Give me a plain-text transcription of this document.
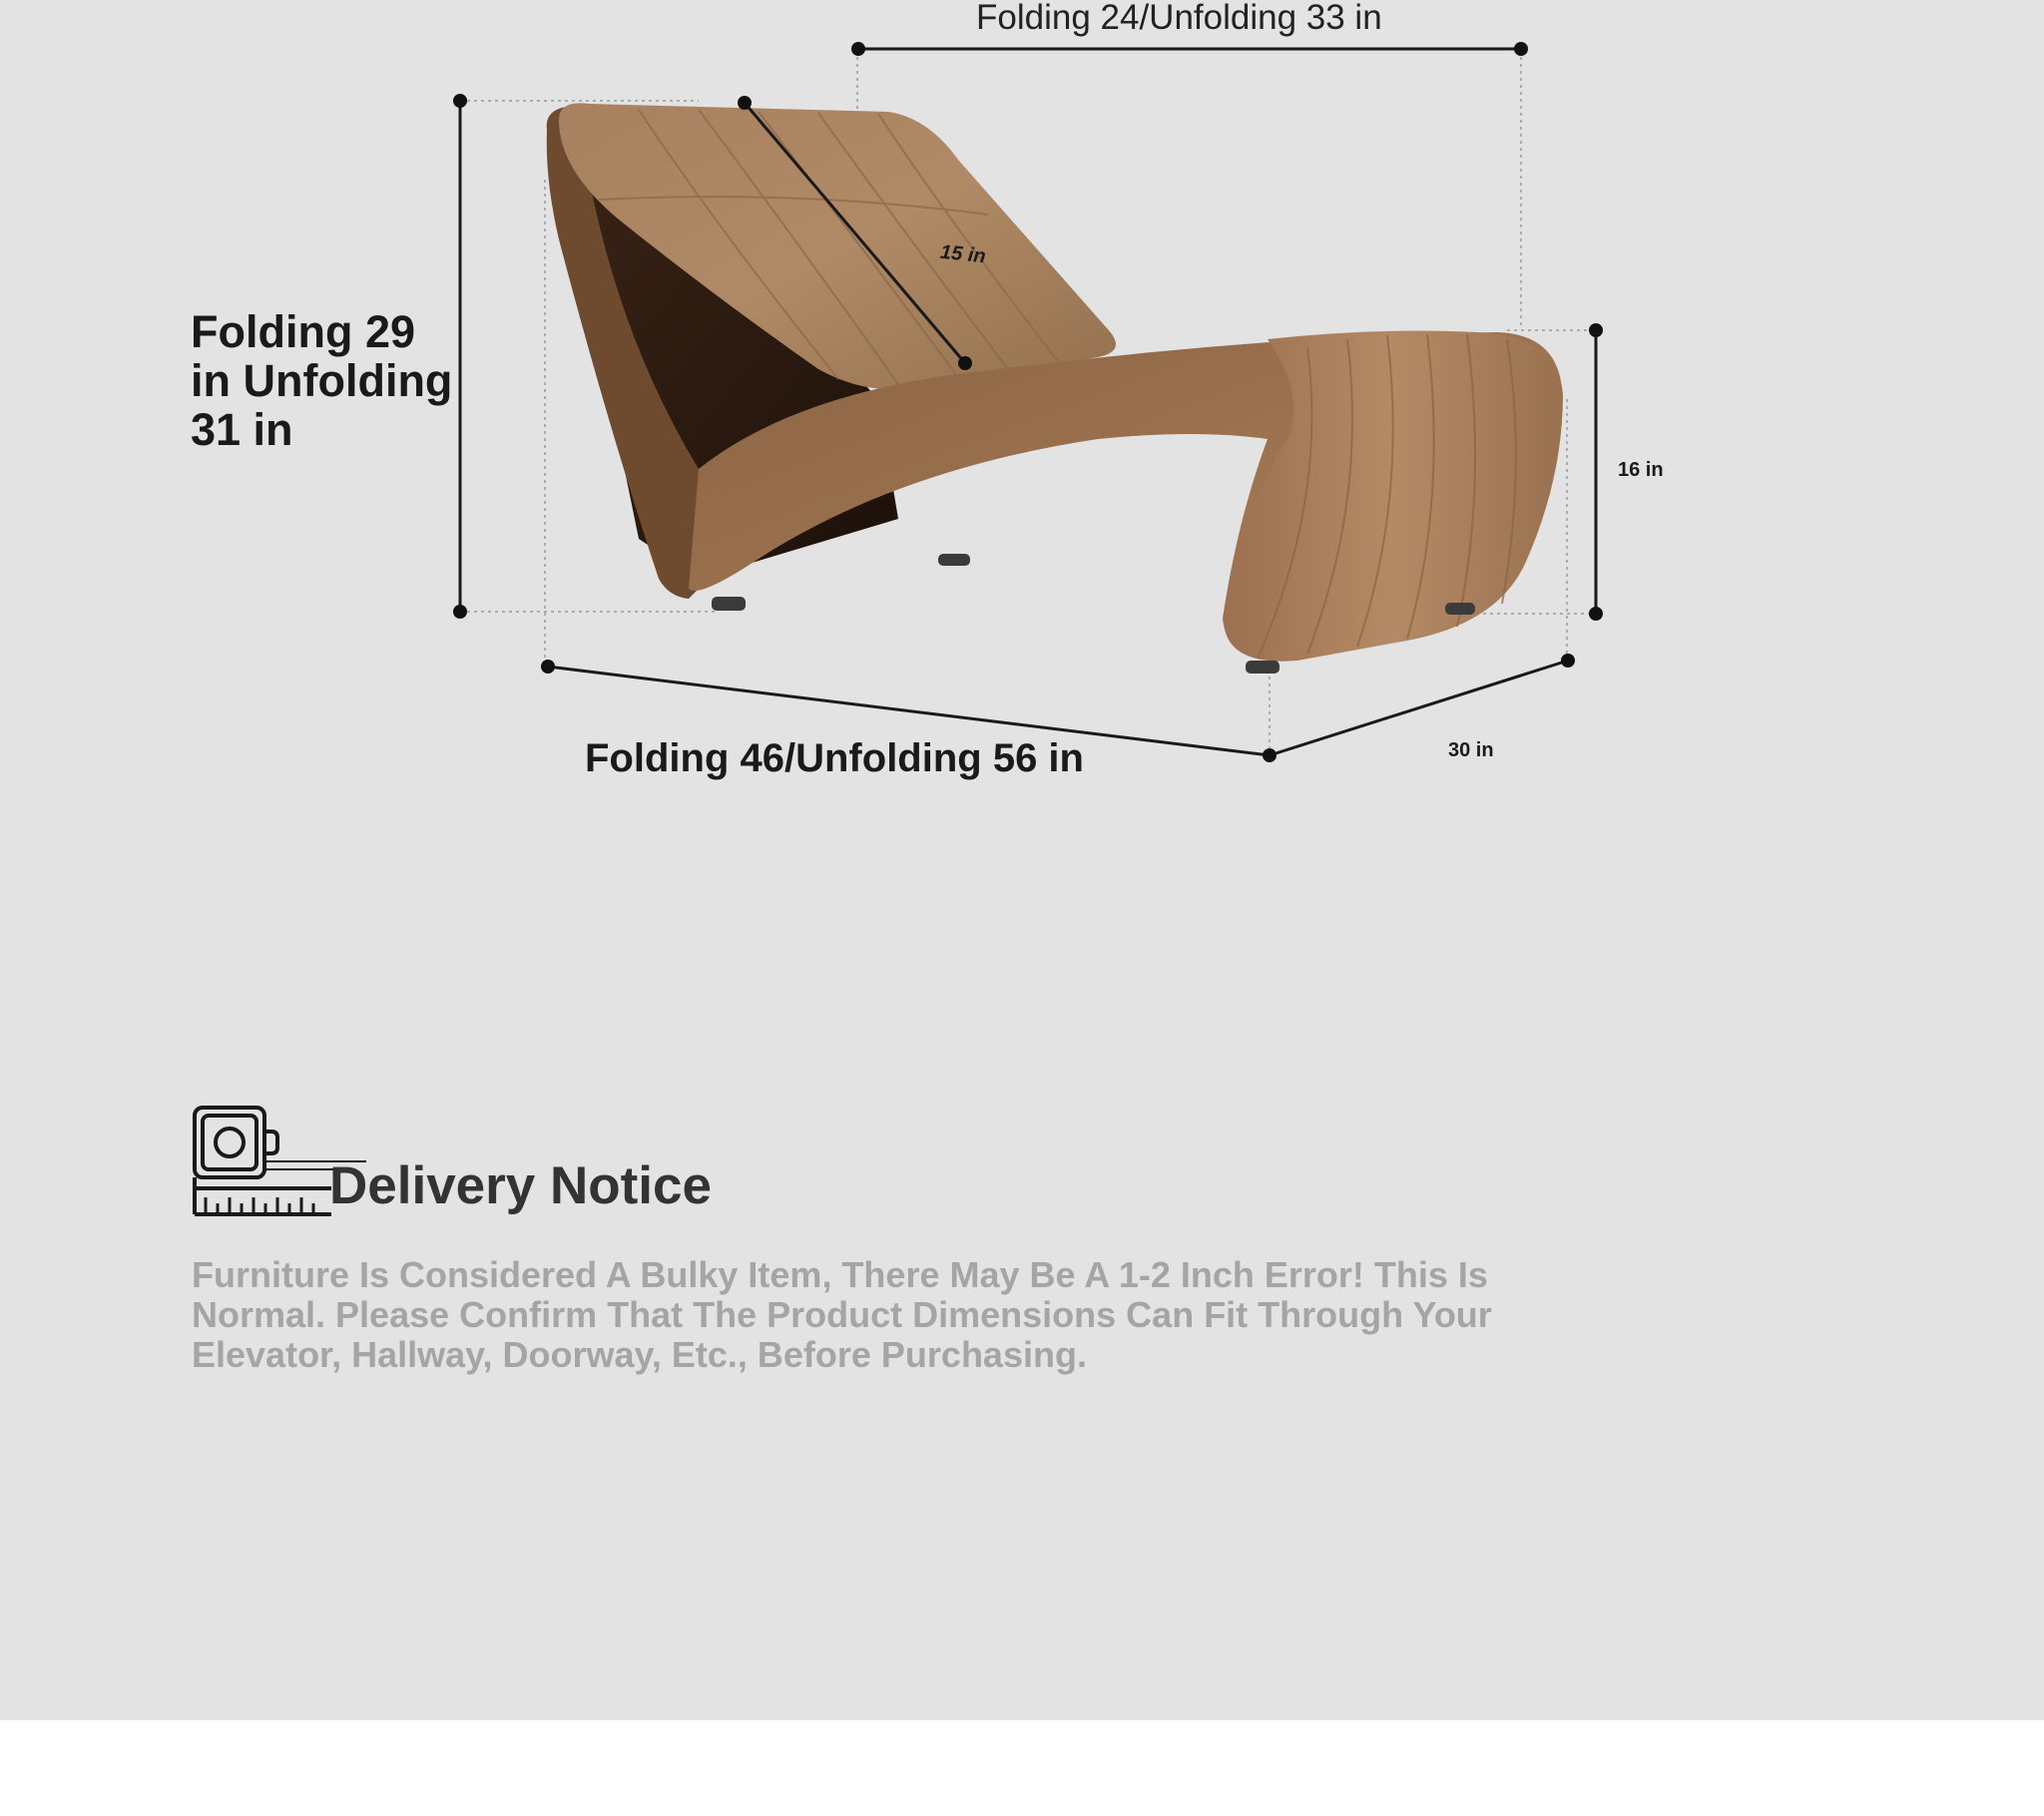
Folding 24/Unfolding 33 in

Folding 29 in Unfolding 31 in

Folding 46/Unfolding 56 in

15 in

16 in

30 in

Delivery Notice

Furniture Is Considered A Bulky Item, There May Be A 1-2 Inch Error! This Is Normal. Please Confirm That The Product Dimensions Can Fit Through Your Elevator, Hallway, Doorway, Etc., Before Purchasing.
